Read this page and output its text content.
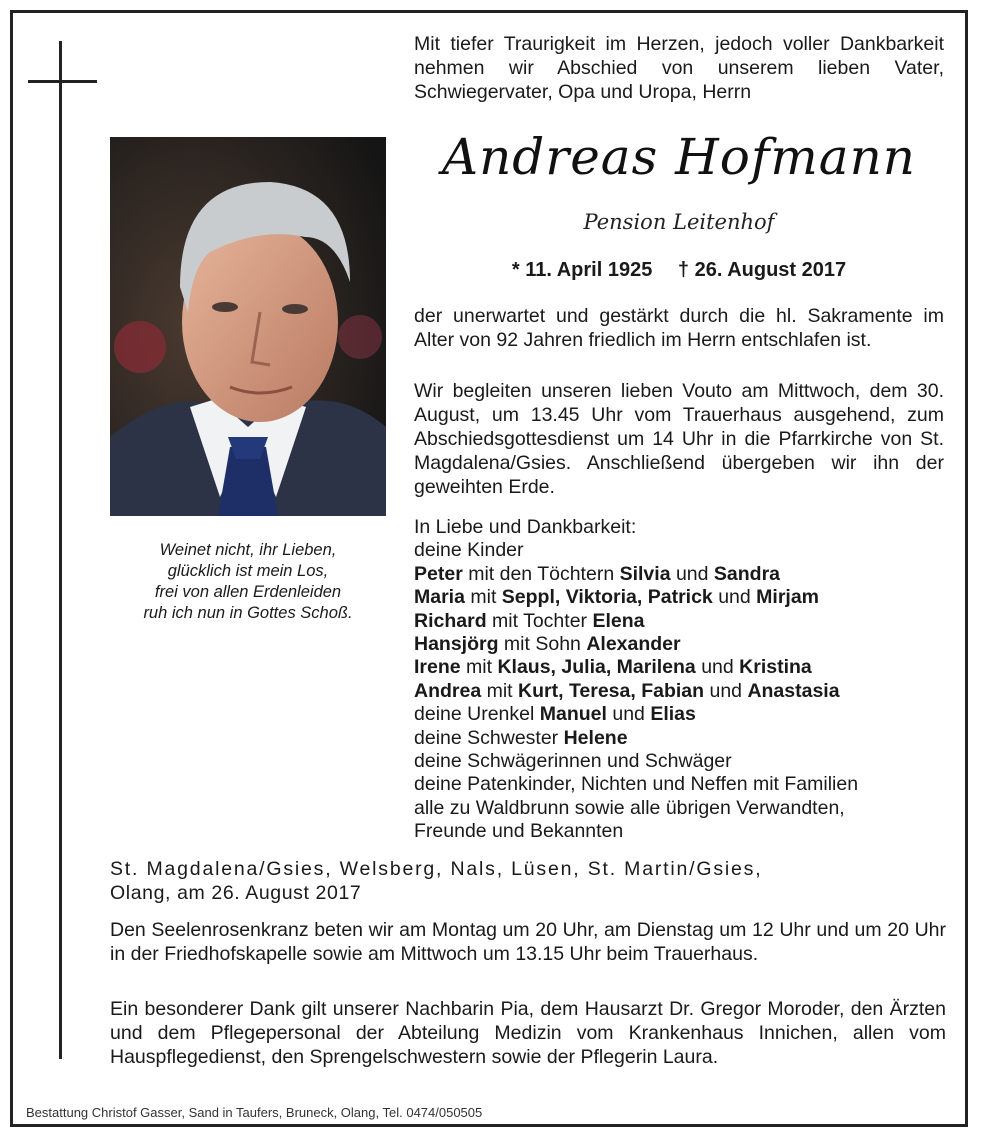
Mit tiefer Traurigkeit im Herzen, jedoch voller Dankbarkeit nehmen wir Abschied von unserem lieben Vater, Schwiegervater, Opa und Uropa, Herrn
Andreas Hofmann
Pension Leitenhof
* 11. April 1925 † 26. August 2017
Weinet nicht, ihr Lieben,
glücklich ist mein Los,
frei von allen Erdenleiden
ruh ich nun in Gottes Schoß.
der unerwartet und gestärkt durch die hl. Sakramente im Alter von 92 Jahren friedlich im Herrn entschlafen ist.
Wir begleiten unseren lieben Vouto am Mittwoch, dem 30. August, um 13.45 Uhr vom Trauerhaus ausgehend, zum Abschiedsgottesdienst um 14 Uhr in die Pfarrkirche von St. Magdalena/Gsies. Anschließend übergeben wir ihn der geweihten Erde.
In Liebe und Dankbarkeit:
deine Kinder
Peter mit den Töchtern Silvia und Sandra
Maria mit Seppl, Viktoria, Patrick und Mirjam
Richard mit Tochter Elena
Hansjörg mit Sohn Alexander
Irene mit Klaus, Julia, Marilena und Kristina
Andrea mit Kurt, Teresa, Fabian und Anastasia
deine Urenkel Manuel und Elias
deine Schwester Helene
deine Schwägerinnen und Schwäger
deine Patenkinder, Nichten und Neffen mit Familien
alle zu Waldbrunn sowie alle übrigen Verwandten,
Freunde und Bekannten
St. Magdalena/Gsies, Welsberg, Nals, Lüsen, St. Martin/Gsies,
Olang, am 26. August 2017
Den Seelenrosenkranz beten wir am Montag um 20 Uhr, am Dienstag um 12 Uhr und um 20 Uhr in der Friedhofskapelle sowie am Mittwoch um 13.15 Uhr beim Trauerhaus.
Ein besonderer Dank gilt unserer Nachbarin Pia, dem Hausarzt Dr. Gregor Moroder, den Ärzten und dem Pflegepersonal der Abteilung Medizin vom Krankenhaus Innichen, allen vom Hauspflegedienst, den Sprengelschwestern sowie der Pflegerin Laura.
Bestattung Christof Gasser, Sand in Taufers, Bruneck, Olang, Tel. 0474/050505
